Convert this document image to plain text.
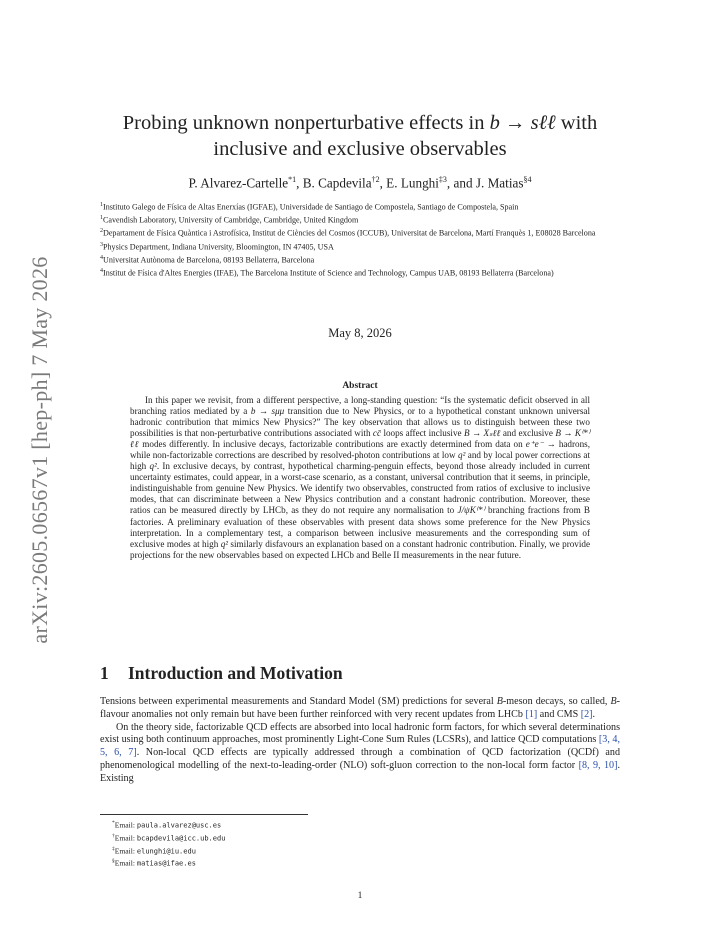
arXiv:2605.06567v1 [hep-ph] 7 May 2026
Probing unknown nonperturbative effects in b → sℓℓ with
inclusive and exclusive observables
P. Alvarez-Cartelle$^{*1}$, B. Capdevila$^{\dagger 2}$, E. Lunghi$^{\ddagger 3}$, and J. Matias$^{\S 4}$
$^1$Instituto Galego de Física de Altas Enerxías (IGFAE), Universidade de Santiago de Compostela, Santiago de Compostela, Spain
$^1$Cavendish Laboratory, University of Cambridge, Cambridge, United Kingdom
$^2$Departament de Física Quàntica i Astrofísica, Institut de Ciències del Cosmos (ICCUB), Universitat de Barcelona, Martí Franquès 1, E08028 Barcelona
$^3$Physics Department, Indiana University, Bloomington, IN 47405, USA
$^4$Universitat Autònoma de Barcelona, 08193 Bellaterra, Barcelona
$^4$Institut de Física d'Altes Energies (IFAE), The Barcelona Institute of Science and Technology, Campus UAB, 08193 Bellaterra (Barcelona)
May 8, 2026
Abstract
In this paper we revisit, from a different perspective, a long-standing question: “Is the systematic deficit observed in all branching ratios mediated by a b → sμμ transition due to New Physics, or to a hypothetical constant unknown universal hadronic contribution that mimics New Physics?” The key observation that allows us to distinguish between these two possibilities is that non-perturbative contributions associated with cc̄ loops affect inclusive B → Xₛℓℓ and exclusive B → K⁽*⁾ℓℓ modes differently. In inclusive decays, factorizable contributions are exactly determined from data on e⁺e⁻ → hadrons, while non-factorizable corrections are described by resolved-photon contributions at low q² and by local power corrections at high q². In exclusive decays, by contrast, hypothetical charming-penguin effects, beyond those already included in current uncertainty estimates, could appear, in a worst-case scenario, as a constant, universal contribution that it seems, in principle, indistinguishable from genuine New Physics. We identify two observables, constructed from ratios of exclusive to inclusive modes, that can discriminate between a New Physics contribution and a constant hadronic contribution. Moreover, these ratios can be measured directly by LHCb, as they do not require any normalisation to J/ψK⁽*⁾ branching fractions from B factories. A preliminary evaluation of these observables with present data shows some preference for the New Physics interpretation. In a complementary test, a comparison between inclusive measurements and the corresponding sum of exclusive modes at high q² similarly disfavours an explanation based on a constant hadronic contribution. Finally, we provide projections for the new observables based on expected LHCb and Belle II measurements in the near future.
1 Introduction and Motivation

Tensions between experimental measurements and Standard Model (SM) predictions for several B-meson decays, so called, B-flavour anomalies not only remain but have been further reinforced with very recent updates from LHCb [1] and CMS [2].

On the theory side, factorizable QCD effects are absorbed into local hadronic form factors, for which several determinations exist using both continuum approaches, most prominently Light-Cone Sum Rules (LCSRs), and lattice QCD computations [3, 4, 5, 6, 7]. Non-local QCD effects are typically addressed through a combination of QCD factorization (QCDf) and phenomenological modelling of the next-to-leading-order (NLO) soft-gluon correction to the non-local form factor [8, 9, 10]. Existing

*Email: paula.alvarez@usc.es
†Email: bcapdevila@icc.ub.edu
‡Email: elunghi@iu.edu
§Email: matias@ifae.es
1
